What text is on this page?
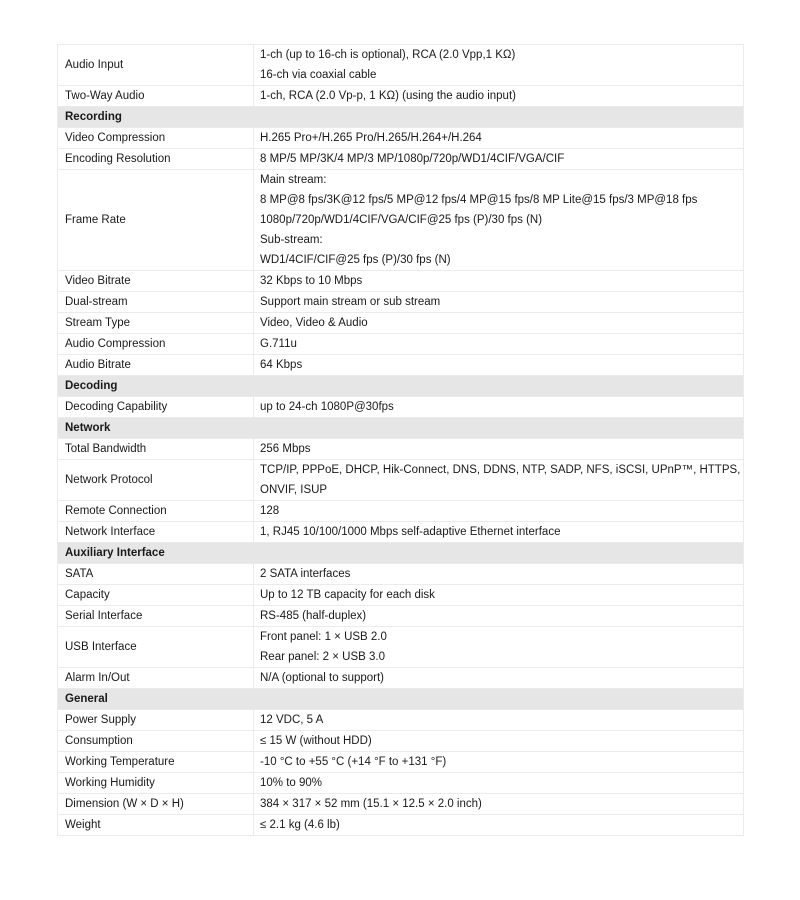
Audio Input	1-ch (up to 16-ch is optional), RCA (2.0 Vpp,1 KΩ)
16-ch via coaxial cable

Two-Way Audio	1-ch, RCA (2.0 Vp-p, 1 KΩ) (using the audio input)

Recording	
Video Compression	H.265 Pro+/H.265 Pro/H.265/H.264+/H.264

Encoding Resolution	8 MP/5 MP/3K/4 MP/3 MP/1080p/720p/WD1/4CIF/VGA/CIF

Frame Rate	Main stream:
8 MP@8 fps/3K@12 fps/5 MP@12 fps/4 MP@15 fps/8 MP Lite@15 fps/3 MP@18 fps
1080p/720p/WD1/4CIF/VGA/CIF@25 fps (P)/30 fps (N)
Sub-stream:
WD1/4CIF/CIF@25 fps (P)/30 fps (N)

Video Bitrate	32 Kbps to 10 Mbps

Dual-stream	Support main stream or sub stream

Stream Type	Video, Video & Audio

Audio Compression	G.711u

Audio Bitrate	64 Kbps

Decoding	
Decoding Capability	up to 24-ch 1080P@30fps

Network	
Total Bandwidth	256 Mbps

Network Protocol	TCP/IP, PPPoE, DHCP, Hik-Connect, DNS, DDNS, NTP, SADP, NFS, iSCSI, UPnP™, HTTPS,
ONVIF, ISUP

Remote Connection	128

Network Interface	1, RJ45 10/100/1000 Mbps self-adaptive Ethernet interface

Auxiliary Interface	
SATA	2 SATA interfaces

Capacity	Up to 12 TB capacity for each disk

Serial Interface	RS-485 (half-duplex)

USB Interface	Front panel: 1 × USB 2.0
Rear panel: 2 × USB 3.0

Alarm In/Out	N/A (optional to support)

General	
Power Supply	12 VDC, 5 A

Consumption	≤ 15 W (without HDD)

Working Temperature	-10 °C to +55 °C (+14 °F to +131 °F)

Working Humidity	10% to 90%

Dimension (W × D × H)	384 × 317 × 52 mm (15.1 × 12.5 × 2.0 inch)

Weight	≤ 2.1 kg (4.6 lb)
